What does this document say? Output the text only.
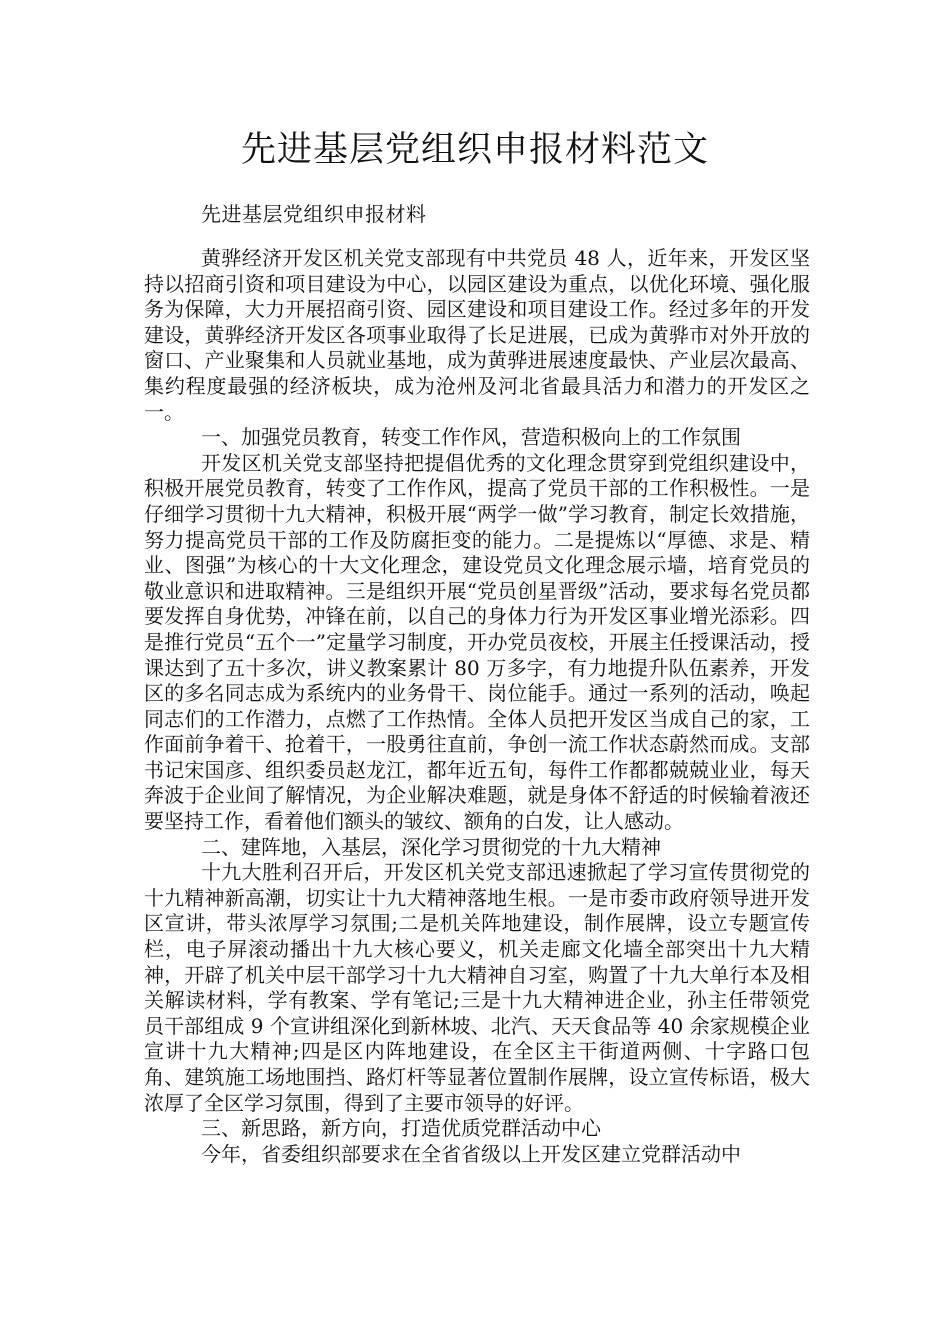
先进基层党组织申报材料范文
先进基层党组织申报材料

黄骅经济开发区机关党支部现有中共党员 48 人，近年来，开发区坚持以招商引资和项目建设为中心，以园区建设为重点，以优化环境、强化服务为保障，大力开展招商引资、园区建设和项目建设工作。经过多年的开发建设，黄骅经济开发区各项事业取得了长足进展，已成为黄骅市对外开放的窗口、产业聚集和人员就业基地，成为黄骅进展速度最快、产业层次最高、集约程度最强的经济板块，成为沧州及河北省最具活力和潜力的开发区之一。

一、加强党员教育，转变工作作风，营造积极向上的工作氛围

开发区机关党支部坚持把提倡优秀的文化理念贯穿到党组织建设中，积极开展党员教育，转变了工作作风，提高了党员干部的工作积极性。一是仔细学习贯彻十九大精神，积极开展“两学一做”学习教育，制定长效措施，努力提高党员干部的工作及防腐拒变的能力。二是提炼以“厚德、求是、精业、图强”为核心的十大文化理念，建设党员文化理念展示墙，培育党员的敬业意识和进取精神。三是组织开展“党员创星晋级”活动，要求每名党员都要发挥自身优势，冲锋在前，以自己的身体力行为开发区事业增光添彩。四是推行党员“五个一”定量学习制度，开办党员夜校，开展主任授课活动，授课达到了五十多次，讲义教案累计 80 万多字，有力地提升队伍素养，开发区的多名同志成为系统内的业务骨干、岗位能手。通过一系列的活动，唤起同志们的工作潜力，点燃了工作热情。全体人员把开发区当成自己的家，工作面前争着干、抢着干，一股勇往直前，争创一流工作状态蔚然而成。支部书记宋国彦、组织委员赵龙江，都年近五旬，每件工作都都兢兢业业，每天奔波于企业间了解情况，为企业解决难题，就是身体不舒适的时候输着液还要坚持工作，看着他们额头的皱纹、额角的白发，让人感动。

二、建阵地，入基层，深化学习贯彻党的十九大精神

十九大胜利召开后，开发区机关党支部迅速掀起了学习宣传贯彻党的十九精神新高潮，切实让十九大精神落地生根。一是市委市政府领导进开发区宣讲，带头浓厚学习氛围;二是机关阵地建设，制作展牌，设立专题宣传栏，电子屏滚动播出十九大核心要义，机关走廊文化墙全部突出十九大精神，开辟了机关中层干部学习十九大精神自习室，购置了十九大单行本及相关解读材料，学有教案、学有笔记;三是十九大精神进企业，孙主任带领党员干部组成 9 个宣讲组深化到新林坡、北汽、天天食品等 40 余家规模企业宣讲十九大精神;四是区内阵地建设，在全区主干街道两侧、十字路口包角、建筑施工场地围挡、路灯杆等显著位置制作展牌，设立宣传标语，极大浓厚了全区学习氛围，得到了主要市领导的好评。

三、新思路，新方向，打造优质党群活动中心

今年，省委组织部要求在全省省级以上开发区建立党群活动中
